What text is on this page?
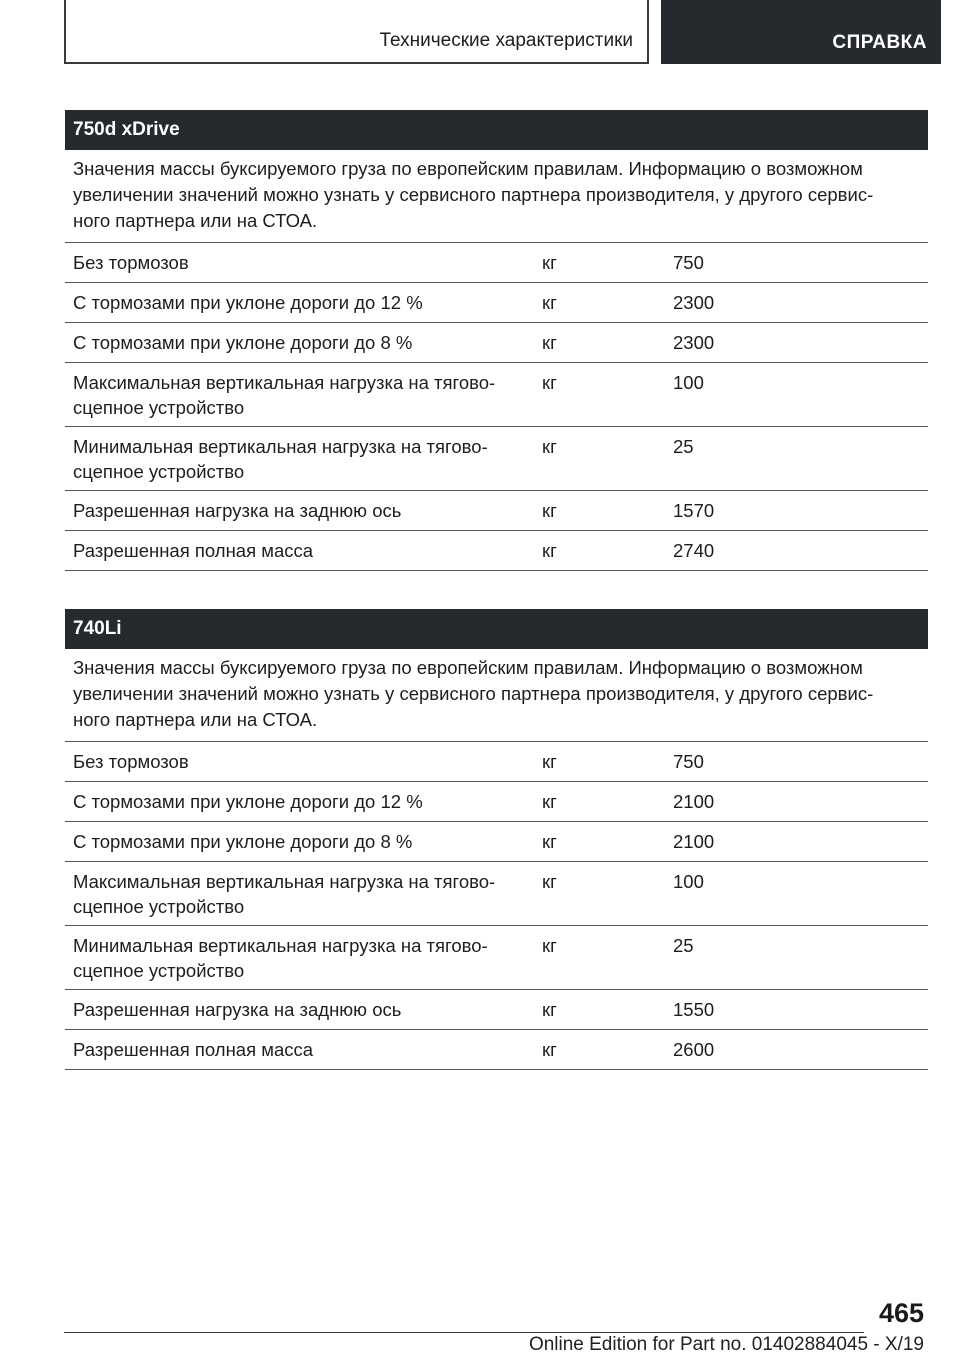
Технические характеристики	СПРАВКА
750d xDrive
Значения массы буксируемого груза по европейским правилам. Информацию о возможном
увеличении значений можно узнать у сервисного партнера производителя, у другого сервис-
ного партнера или на СТОА.
Без тормозов	кг	750
С тормозами при уклоне дороги до 12 %	кг	2300
С тормозами при уклоне дороги до 8 %	кг	2300
Максимальная вертикальная нагрузка на тягово-
сцепное устройство
кг	100
Минимальная вертикальная нагрузка на тягово-
сцепное устройство
кг	25
Разрешенная нагрузка на заднюю ось	кг	1570
Разрешенная полная масса	кг	2740
740Li
Значения массы буксируемого груза по европейским правилам. Информацию о возможном
увеличении значений можно узнать у сервисного партнера производителя, у другого сервис-
ного партнера или на СТОА.
Без тормозов	кг	750
С тормозами при уклоне дороги до 12 %	кг	2100
С тормозами при уклоне дороги до 8 %	кг	2100
Максимальная вертикальная нагрузка на тягово-
сцепное устройство
кг	100
Минимальная вертикальная нагрузка на тягово-
сцепное устройство
кг	25
Разрешенная нагрузка на заднюю ось	кг	1550
Разрешенная полная масса	кг	2600
465
Online Edition for Part no. 01402884045 - X/19
